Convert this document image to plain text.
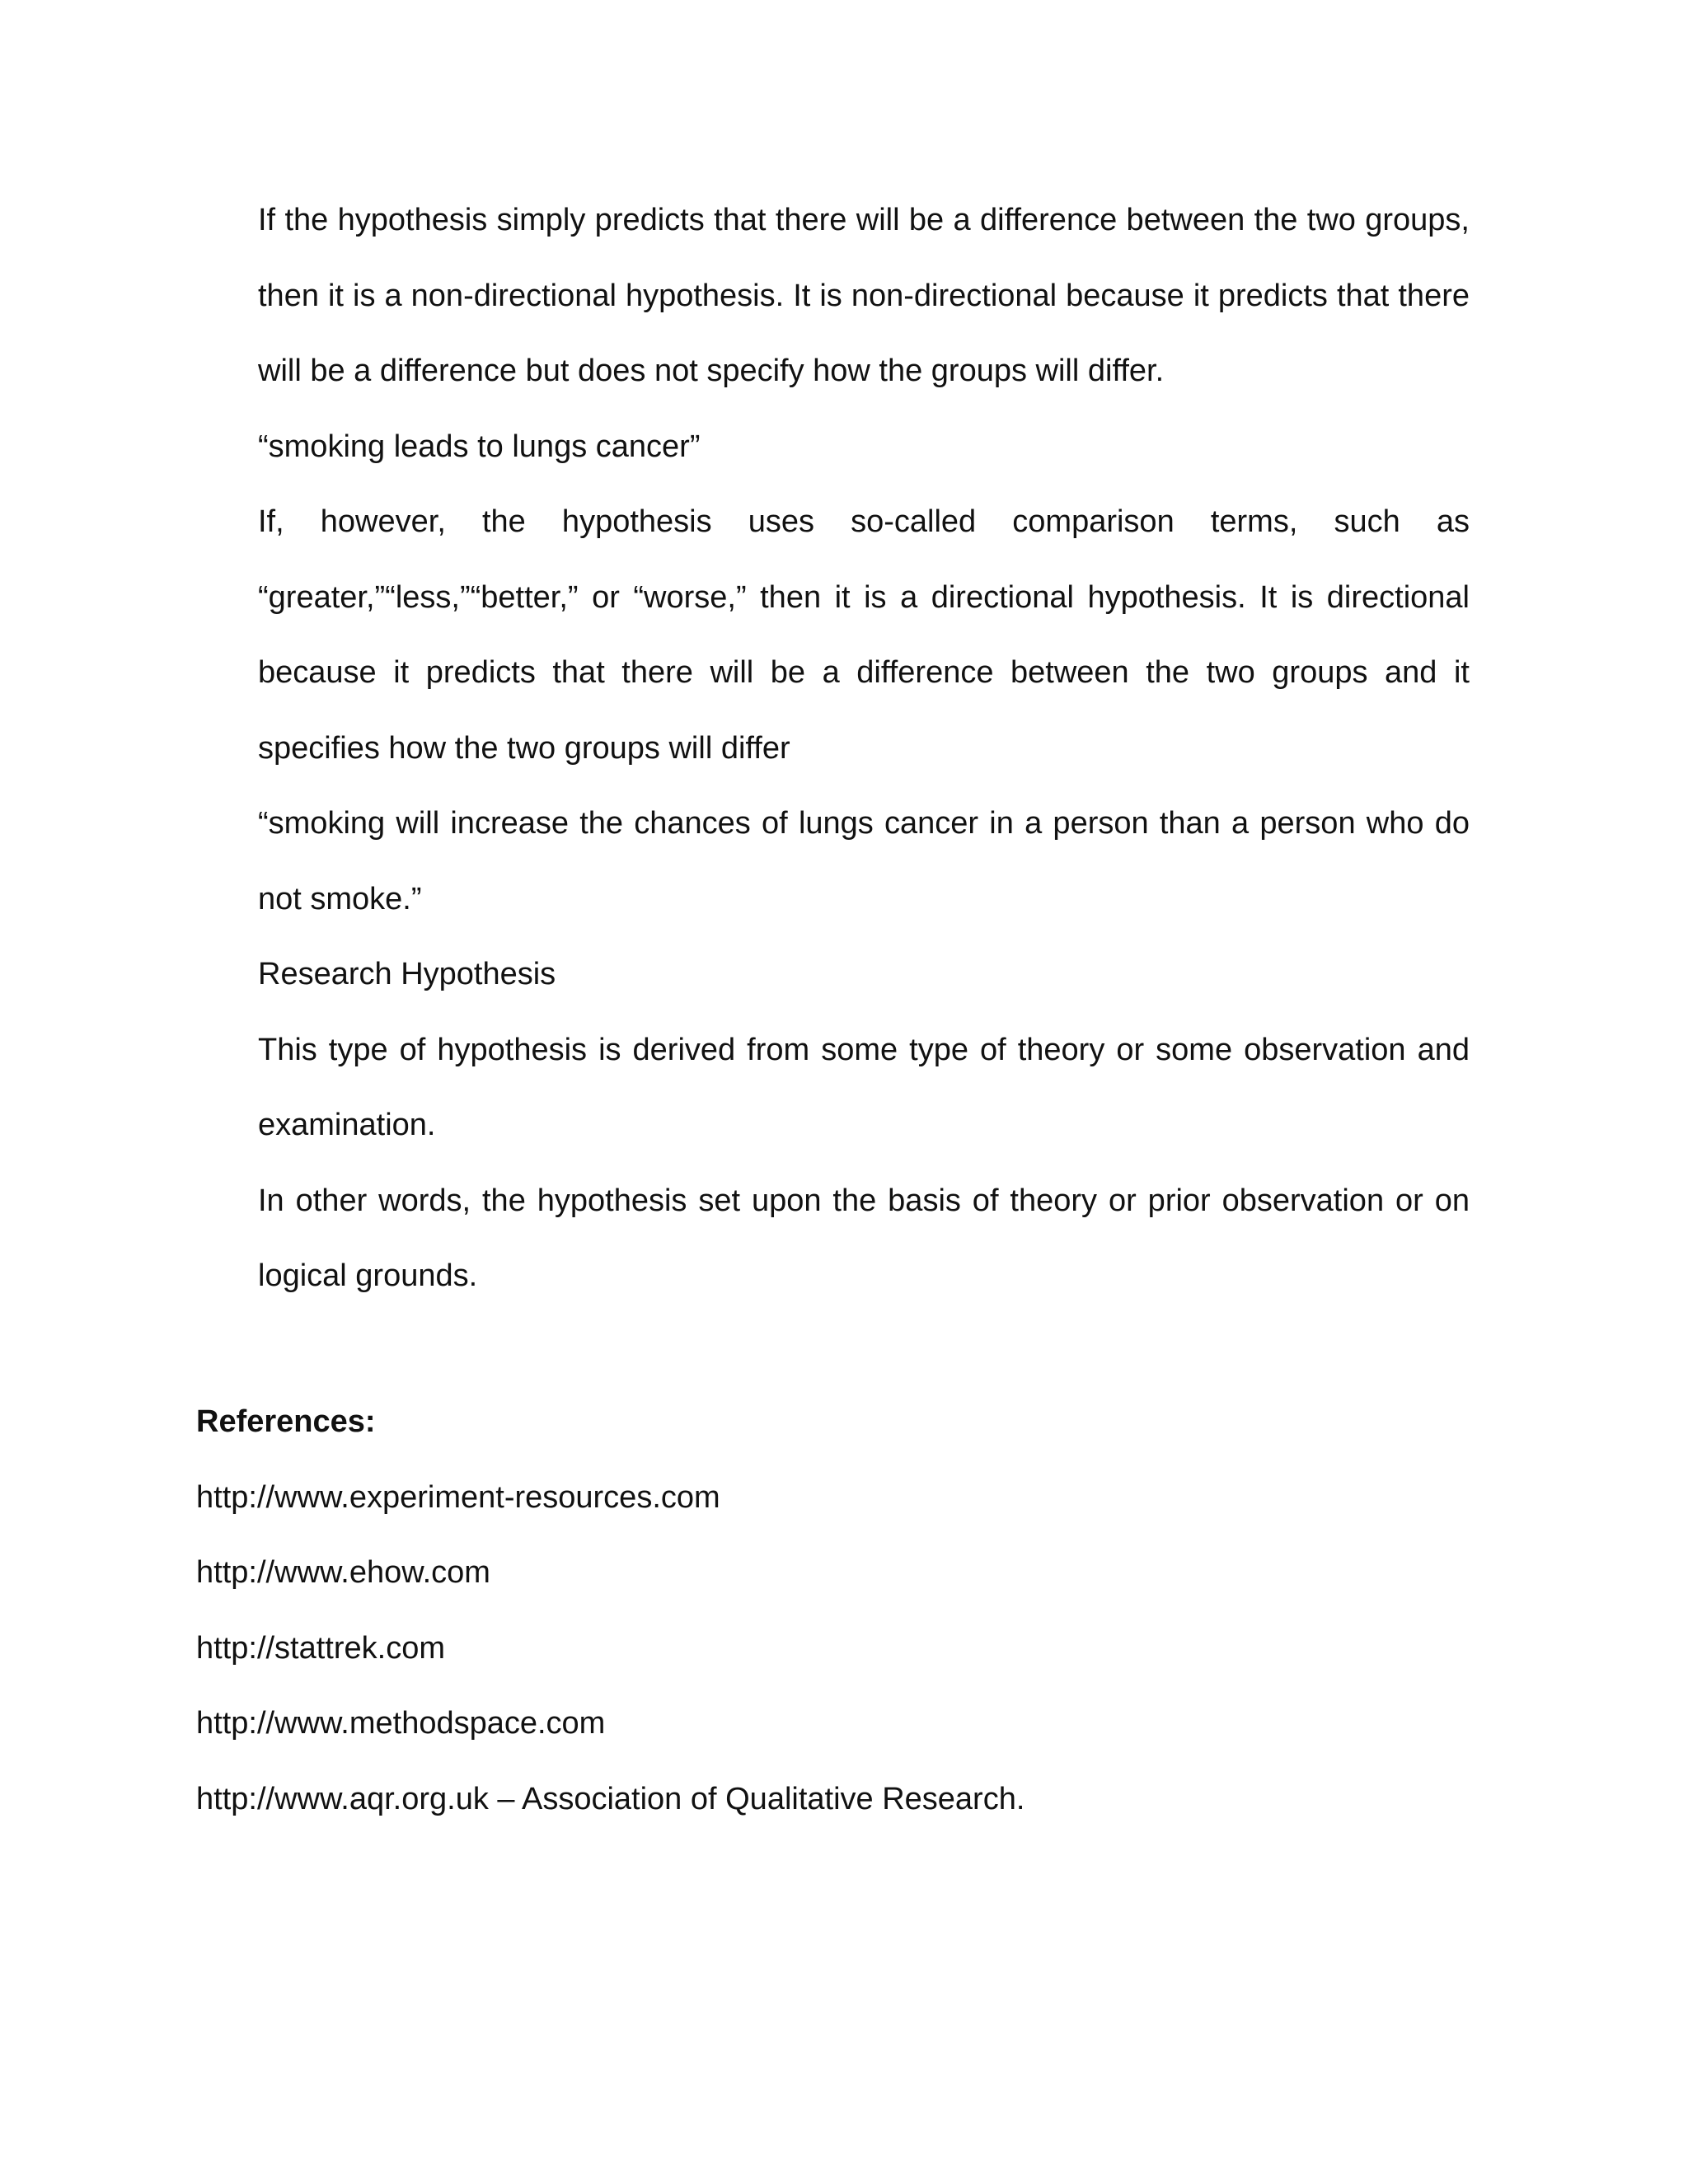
If the hypothesis simply predicts that there will be a difference between the two groups, then it is a non-directional hypothesis. It is non-directional because it predicts that there will be a difference but does not specify how the groups will differ.

“smoking leads to lungs cancer”

If, however, the hypothesis uses so-called comparison terms, such as “greater,”“less,”“better,” or “worse,” then it is a directional hypothesis. It is directional because it predicts that there will be a difference between the two groups and it specifies how the two groups will differ

“smoking will increase the chances of lungs cancer in a person than a person who do not smoke.”

Research Hypothesis

This type of hypothesis is derived from some type of theory or some observation and examination.

In other words, the hypothesis set upon the basis of theory or prior observation or on logical grounds.

References:

http://www.experiment-resources.com

http://www.ehow.com

http://stattrek.com

http://www.methodspace.com

http://www.aqr.org.uk – Association of Qualitative Research.
